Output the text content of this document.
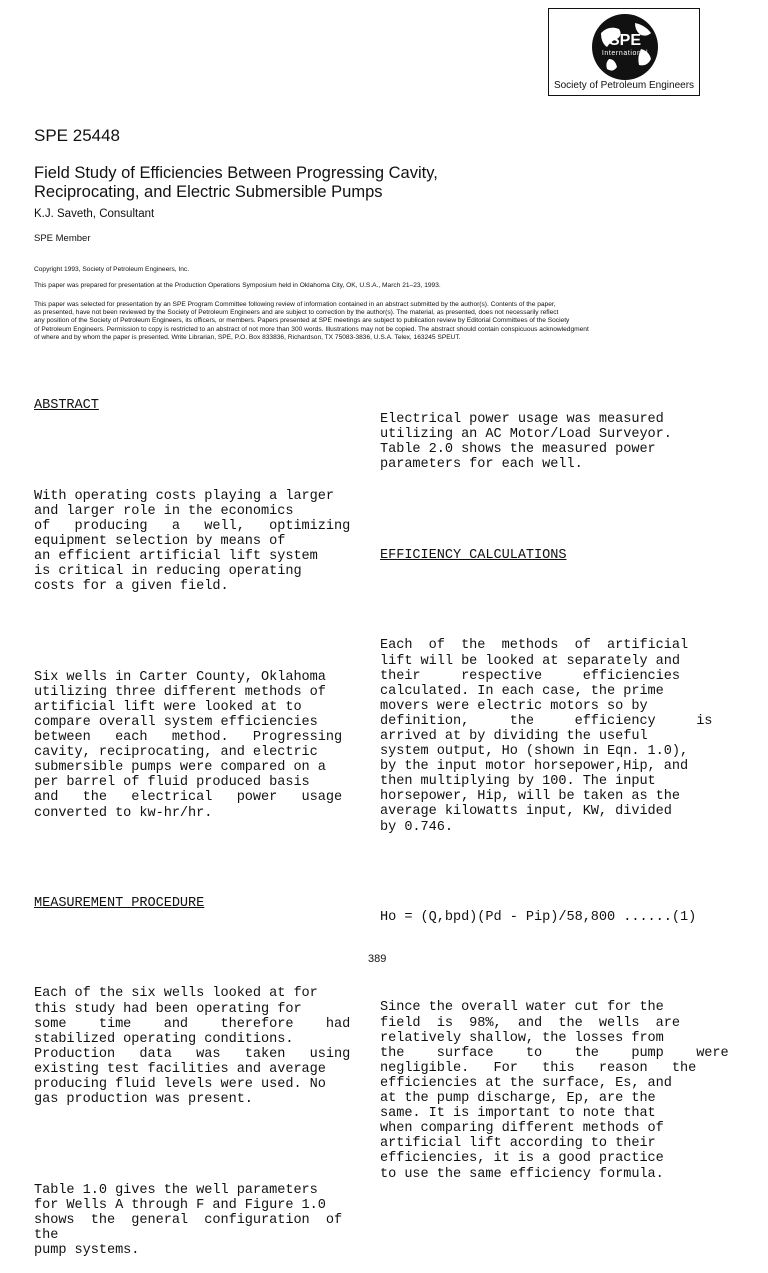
SPE
International
Society of Petroleum Engineers
SPE 25448
Field Study of Efficiencies Between Progressing Cavity,
Reciprocating, and Electric Submersible Pumps
K.J. Saveth, Consultant
SPE Member
Copyright 1993, Society of Petroleum Engineers, Inc.
This paper was prepared for presentation at the Production Operations Symposium held in Oklahoma City, OK, U.S.A., March 21–23, 1993.
This paper was selected for presentation by an SPE Program Committee following review of information contained in an abstract submitted by the author(s). Contents of the paper,
as presented, have not been reviewed by the Society of Petroleum Engineers and are subject to correction by the author(s). The material, as presented, does not necessarily reflect
any position of the Society of Petroleum Engineers, its officers, or members. Papers presented at SPE meetings are subject to publication review by Editorial Committees of the Society
of Petroleum Engineers. Permission to copy is restricted to an abstract of not more than 300 words. Illustrations may not be copied. The abstract should contain conspicuous acknowledgment
of where and by whom the paper is presented. Write Librarian, SPE, P.O. Box 833836, Richardson, TX 75083-3836, U.S.A. Telex, 163245 SPEUT.

ABSTRACT

With operating costs playing a larger
and larger role in the economics
of   producing   a   well,   optimizing
equipment selection by means of
an efficient artificial lift system
is critical in reducing operating
costs for a given field.

Six wells in Carter County, Oklahoma
utilizing three different methods of
artificial lift were looked at to
compare overall system efficiencies
between   each   method.   Progressing
cavity, reciprocating, and electric
submersible pumps were compared on a
per barrel of fluid produced basis
and   the   electrical   power   usage
converted to kw-hr/hr.

MEASUREMENT PROCEDURE

Each of the six wells looked at for
this study had been operating for
some    time    and    therefore    had
stabilized operating conditions.
Production   data   was   taken   using
existing test facilities and average
producing fluid levels were used. No
gas production was present.

Table 1.0 gives the well parameters
for Wells A through F and Figure 1.0
shows  the  general  configuration  of
the
pump systems.

Electrical power usage was measured
utilizing an AC Motor/Load Surveyor.
Table 2.0 shows the measured power
parameters for each well.

EFFICIENCY CALCULATIONS

Each  of  the  methods  of  artificial
lift will be looked at separately and
their     respective     efficiencies
calculated. In each case, the prime
movers were electric motors so by
definition,     the     efficiency     is
arrived at by dividing the useful
system output, Ho (shown in Eqn. 1.0),
by the input motor horsepower,Hip, and
then multiplying by 100. The input
horsepower, Hip, will be taken as the
average kilowatts input, KW, divided
by 0.746.

Ho = (Q,bpd)(Pd - Pip)/58,800 ......(1)

Since the overall water cut for the
field  is  98%,  and  the  wells  are
relatively shallow, the losses from
the    surface    to    the    pump    were
negligible.   For   this   reason   the
efficiencies at the surface, Es, and
at the pump discharge, Ep, are the
same. It is important to note that
when comparing different methods of
artificial lift according to their
efficiencies, it is a good practice
to use the same efficiency formula.

389
